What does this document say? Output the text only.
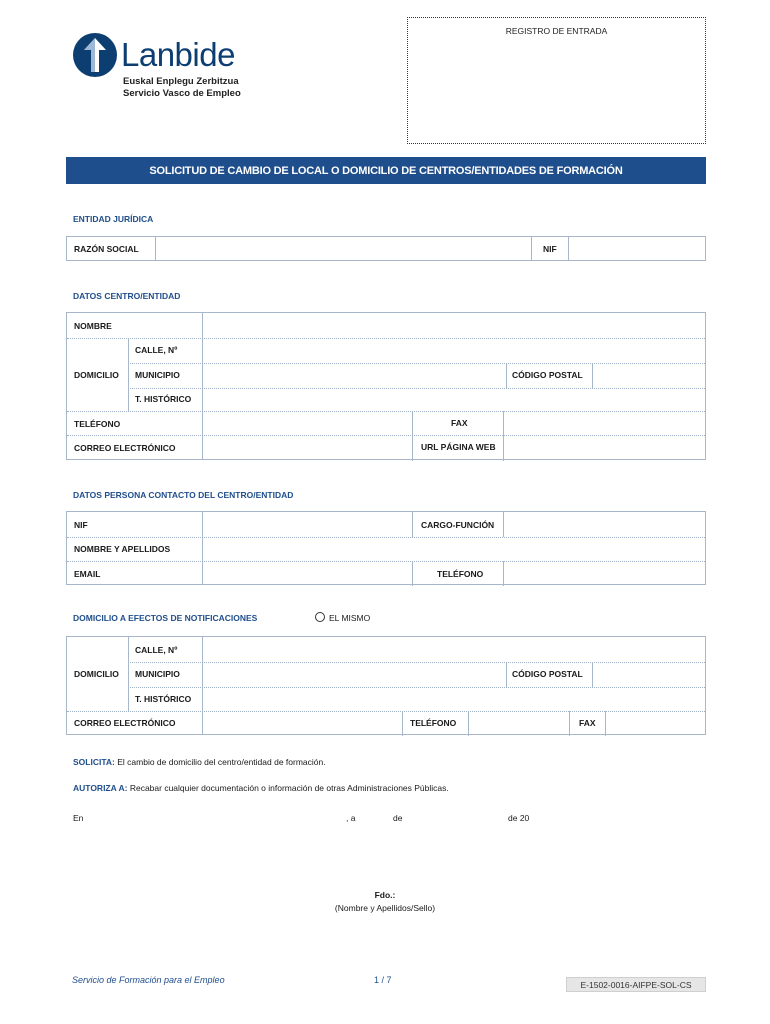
Lanbide
Euskal Enplegu Zerbitzua
Servicio Vasco de Empleo
REGISTRO DE ENTRADA
SOLICITUD DE CAMBIO DE LOCAL O DOMICILIO DE CENTROS/ENTIDADES DE FORMACIÓN
ENTIDAD JURÍDICA
RAZÓN SOCIAL	NIF
DATOS CENTRO/ENTIDAD
NOMBRE
DOMICILIO
CALLE, Nº
MUNICIPIO	CÓDIGO POSTAL
T. HISTÓRICO
TELÉFONO	FAX
CORREO ELECTRÓNICO	URL PÁGINA WEB
DATOS PERSONA CONTACTO DEL CENTRO/ENTIDAD
NIF	CARGO-FUNCIÓN
NOMBRE Y APELLIDOS
EMAIL	TELÉFONO
DOMICILIO A EFECTOS DE NOTIFICACIONES	EL MISMO
DOMICILIO
CALLE, Nº
MUNICIPIO	CÓDIGO POSTAL
T. HISTÓRICO
CORREO ELECTRÓNICO	TELÉFONO	FAX
SOLICITA: El cambio de domicilio del centro/entidad de formación.
AUTORIZA A: Recabar cualquier documentación o información de otras Administraciones Públicas.
En	, a	de	de 20
Fdo.:
(Nombre y Apellidos/Sello)
Servicio de Formación para el Empleo	1 / 7	E-1502-0016-AIFPE-SOL-CS
